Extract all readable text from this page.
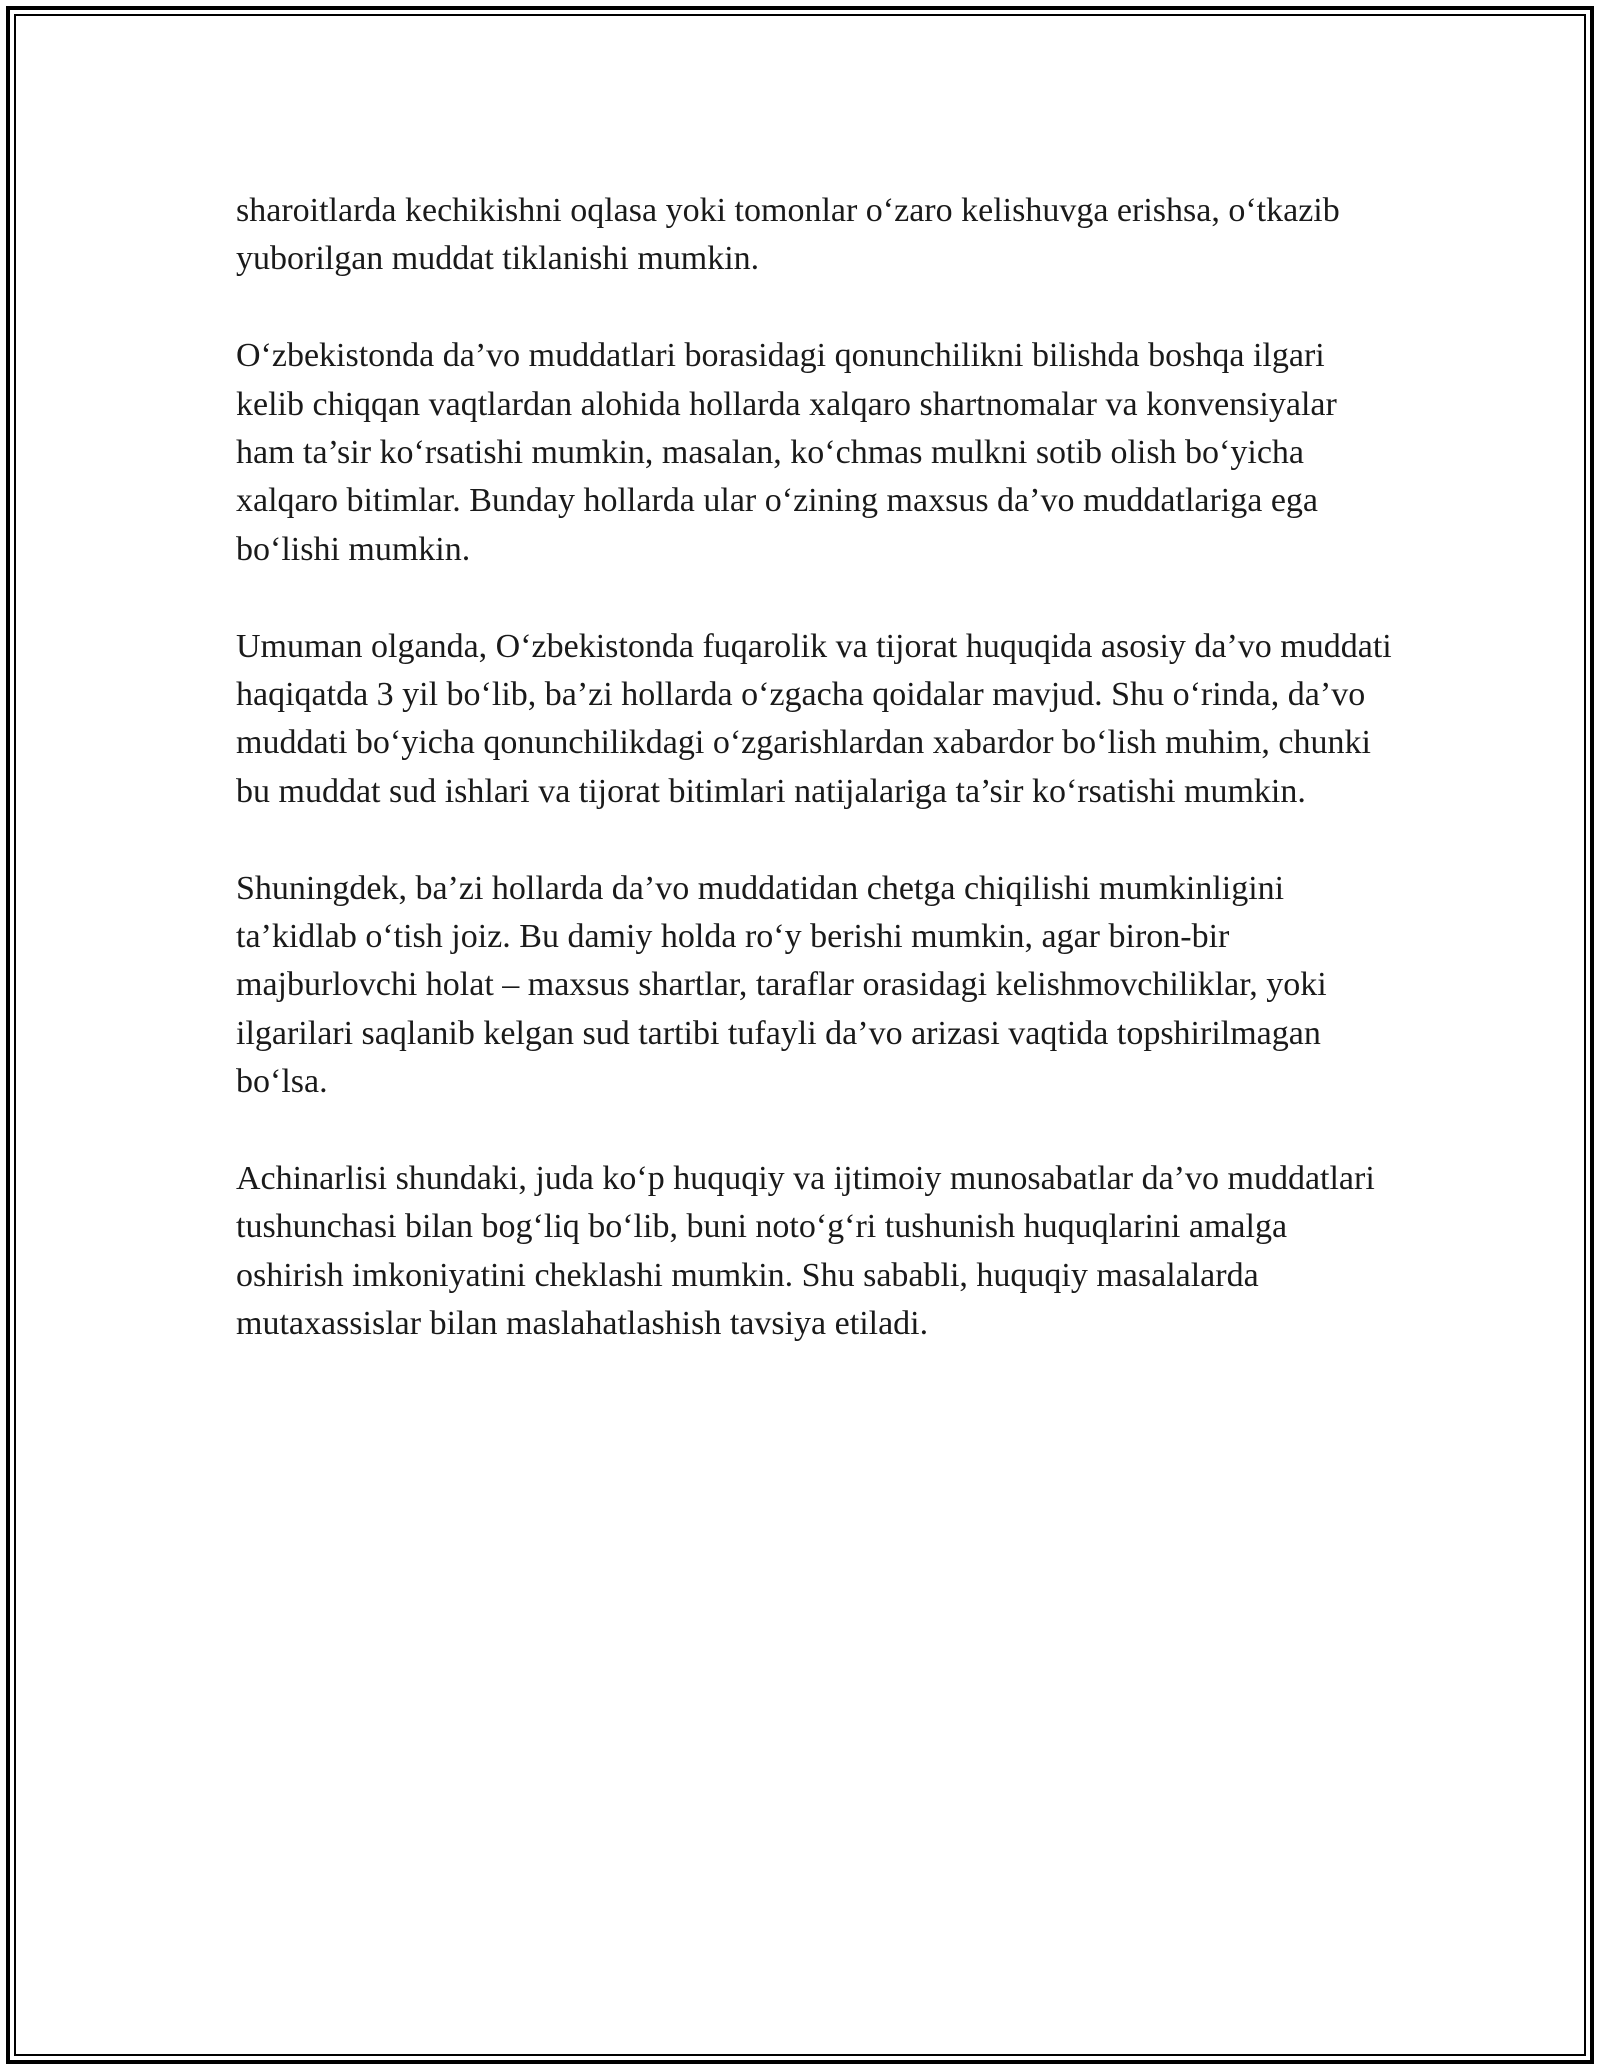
sharoitlarda kechikishni oqlasa yoki tomonlar o‘zaro kelishuvga erishsa, o‘tkazib yuborilgan muddat tiklanishi mumkin.

O‘zbekistonda da’vo muddatlari borasidagi qonunchilikni bilishda boshqa ilgari kelib chiqqan vaqtlardan alohida hollarda xalqaro shartnomalar va konvensiyalar ham ta’sir ko‘rsatishi mumkin, masalan, ko‘chmas mulkni sotib olish bo‘yicha xalqaro bitimlar. Bunday hollarda ular o‘zining maxsus da’vo muddatlariga ega bo‘lishi mumkin.

Umuman olganda, O‘zbekistonda fuqarolik va tijorat huquqida asosiy da’vo muddati haqiqatda 3 yil bo‘lib, ba’zi hollarda o‘zgacha qoidalar mavjud. Shu o‘rinda, da’vo muddati bo‘yicha qonunchilikdagi o‘zgarishlardan xabardor bo‘lish muhim, chunki bu muddat sud ishlari va tijorat bitimlari natijalariga ta’sir ko‘rsatishi mumkin.

Shuningdek, ba’zi hollarda da’vo muddatidan chetga chiqilishi mumkinligini ta’kidlab o‘tish joiz. Bu damiy holda ro‘y berishi mumkin, agar biron-bir majburlovchi holat – maxsus shartlar, taraflar orasidagi kelishmovchiliklar, yoki ilgarilari saqlanib kelgan sud tartibi tufayli da’vo arizasi vaqtida topshirilmagan bo‘lsa.

Achinarlisi shundaki, juda ko‘p huquqiy va ijtimoiy munosabatlar da’vo muddatlari tushunchasi bilan bog‘liq bo‘lib, buni noto‘g‘ri tushunish huquqlarini amalga oshirish imkoniyatini cheklashi mumkin. Shu sababli, huquqiy masalalarda mutaxassislar bilan maslahatlashish tavsiya etiladi.
